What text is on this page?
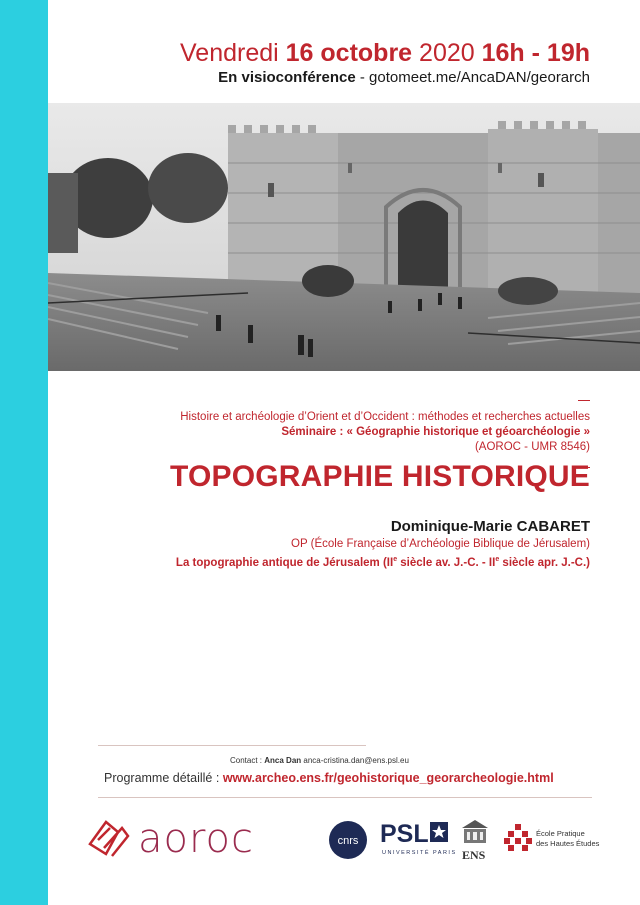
Vendredi 16 octobre 2020 16h - 19h
En visioconférence - gotomeet.me/AncaDAN/georarch
Histoire et archéologie d’Orient et d’Occident : méthodes et recherches actuelles
Séminaire : « Géographie historique et géoarchéologie »
(AOROC - UMR 8546)
TOPOGRAPHIE HISTORIQUE
Dominique-Marie CABARET
OP (École Française d’Archéologie Biblique de Jérusalem)
La topographie antique de Jérusalem (IIe siècle av. J.-C. - IIe siècle apr. J.-C.)
Contact : Anca Dan anca-cristina.dan@ens.psl.eu
Programme détaillé : www.archeo.ens.fr/geohistorique_georarcheologie.html
aoroc	cnrs PSL
UNIVERSITÉ PARIS ENS
École Pratique
des Hautes Études
